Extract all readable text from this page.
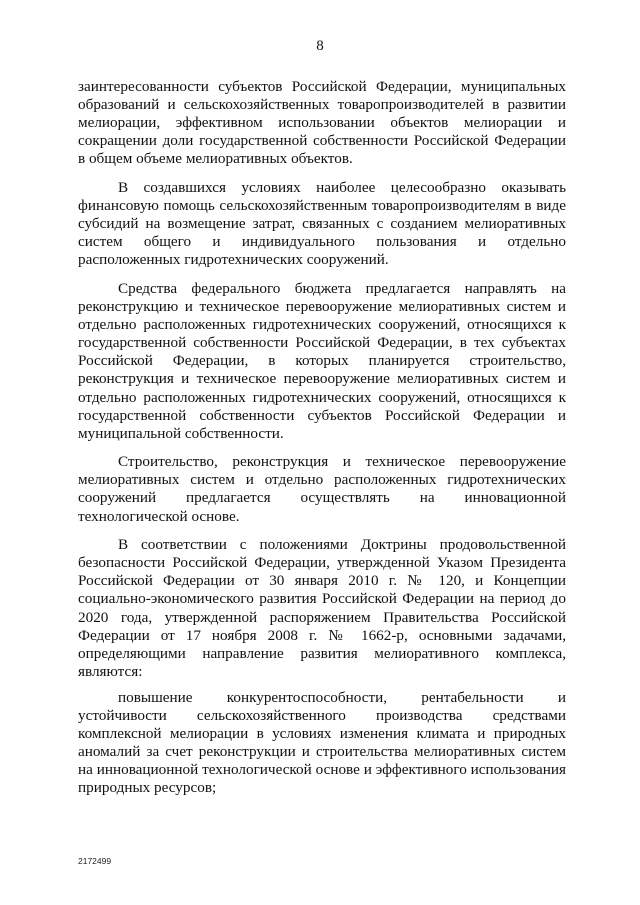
8

заинтересованности субъектов Российской Федерации, муниципальных образований и сельскохозяйственных товаропроизводителей в развитии мелиорации, эффективном использовании объектов мелиорации и сокращении доли государственной собственности Российской Федерации в общем объеме мелиоративных объектов.

В создавшихся условиях наиболее целесообразно оказывать финансовую помощь сельскохозяйственным товаропроизводителям в виде субсидий на возмещение затрат, связанных с созданием мелиоративных систем общего и индивидуального пользования и отдельно расположенных гидротехнических сооружений.

Средства федерального бюджета предлагается направлять на реконструкцию и техническое перевооружение мелиоративных систем и отдельно расположенных гидротехнических сооружений, относящихся к государственной собственности Российской Федерации, в тех субъектах Российской Федерации, в которых планируется строительство, реконструкция и техническое перевооружение мелиоративных систем и отдельно расположенных гидротехнических сооружений, относящихся к государственной собственности субъектов Российской Федерации и муниципальной собственности.

Строительство, реконструкция и техническое перевооружение мелиоративных систем и отдельно расположенных гидротехнических сооружений предлагается осуществлять на инновационной технологической основе.

В соответствии с положениями Доктрины продовольственной безопасности Российской Федерации, утвержденной Указом Президента Российской Федерации от 30 января 2010 г. № 120, и Концепции социально-экономического развития Российской Федерации на период до 2020 года, утвержденной распоряжением Правительства Российской Федерации от 17 ноября 2008 г. № 1662-р, основными задачами, определяющими направление развития мелиоративного комплекса, являются:

повышение конкурентоспособности, рентабельности и устойчивости сельскохозяйственного производства средствами комплексной мелиорации в условиях изменения климата и природных аномалий за счет реконструкции и строительства мелиоративных систем на инновационной технологической основе и эффективного использования природных ресурсов;

2172499
